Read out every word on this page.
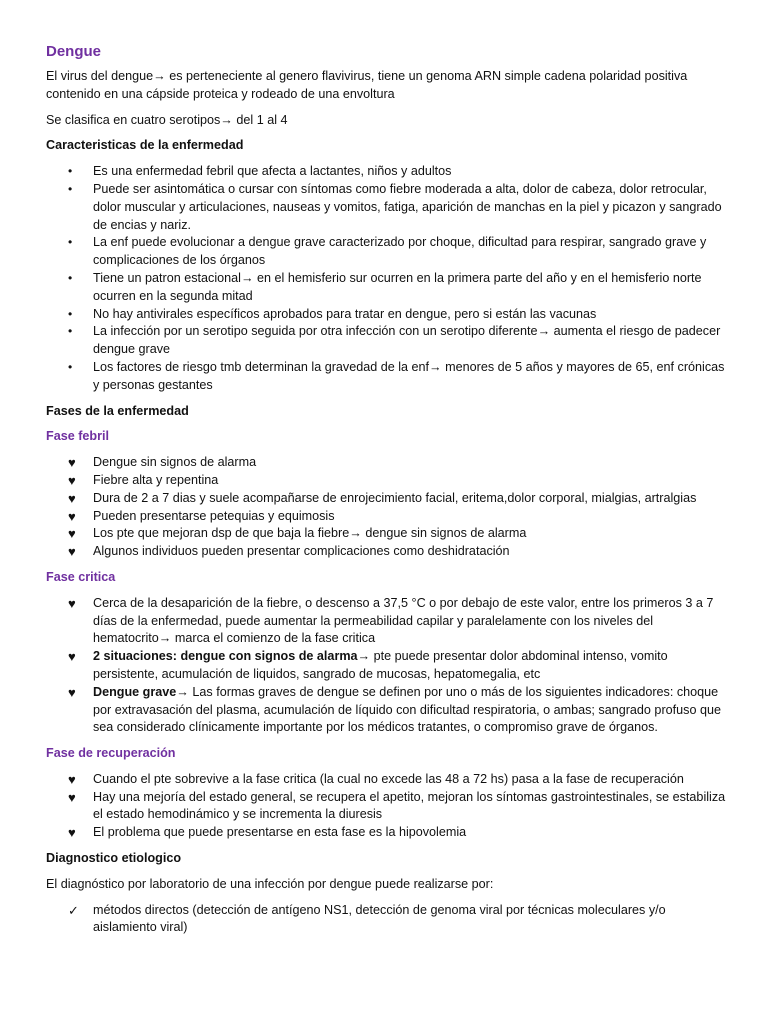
Dengue

El virus del dengue→ es perteneciente al genero flavivirus, tiene un genoma ARN simple cadena polaridad positiva contenido en una cápside proteica y rodeado de una envoltura

Se clasifica en cuatro serotipos→ del 1 al 4

Caracteristicas de la enfermedad
•	Es una enfermedad febril que afecta a lactantes, niños y adultos
•	Puede ser asintomática o cursar con síntomas como fiebre moderada a alta, dolor de cabeza, dolor retrocular, dolor muscular y articulaciones, nauseas y vomitos, fatiga, aparición de manchas en la piel y picazon y sangrado de encias y nariz.
•	La enf puede evolucionar a dengue grave caracterizado por choque, dificultad para respirar, sangrado grave y complicaciones de los órganos
•	Tiene un patron estacional→ en el hemisferio sur ocurren en la primera parte del año y en el hemisferio norte ocurren en la segunda mitad
•	No hay antivirales específicos aprobados para tratar en dengue, pero si están las vacunas
•	La infección por un serotipo seguida por otra infección con un serotipo diferente→ aumenta el riesgo de padecer dengue grave
•	Los factores de riesgo tmb determinan la gravedad de la enf→ menores de 5 años y mayores de 65, enf crónicas y personas gestantes
Fases de la enfermedad
Fase febril
♥	Dengue sin signos de alarma
♥	Fiebre alta y repentina
♥	Dura de 2 a 7 dias y suele acompañarse de enrojecimiento facial, eritema,dolor corporal, mialgias, artralgias
♥	Pueden presentarse petequias y equimosis
♥	Los pte que mejoran dsp de que baja la fiebre→ dengue sin signos de alarma
♥	Algunos individuos pueden presentar complicaciones como deshidratación
Fase critica
♥	Cerca de la desaparición de la fiebre, o descenso a 37,5 °C o por debajo de este valor, entre los primeros 3 a 7 días de la enfermedad, puede aumentar la permeabilidad capilar y paralelamente con los niveles del hematocrito→ marca el comienzo de la fase critica
♥	2 situaciones: dengue con signos de alarma→ pte puede presentar dolor abdominal intenso, vomito persistente, acumulación de liquidos, sangrado de mucosas, hepatomegalia, etc
♥	Dengue grave→ Las formas graves de dengue se definen por uno o más de los siguientes indicadores: choque por extravasación del plasma, acumulación de líquido con dificultad respiratoria, o ambas; sangrado profuso que sea considerado clínicamente importante por los médicos tratantes, o compromiso grave de órganos.
Fase de recuperación
♥	Cuando el pte sobrevive a la fase critica (la cual no excede las 48 a 72 hs) pasa a la fase de recuperación
♥	Hay una mejoría del estado general, se recupera el apetito, mejoran los síntomas gastrointestinales, se estabiliza el estado hemodinámico y se incrementa la diuresis
♥	El problema que puede presentarse en esta fase es la hipovolemia
Diagnostico etiologico

El diagnóstico por laboratorio de una infección por dengue puede realizarse por:

✓	métodos directos (detección de antígeno NS1, detección de genoma viral por técnicas moleculares y/o aislamiento viral)
